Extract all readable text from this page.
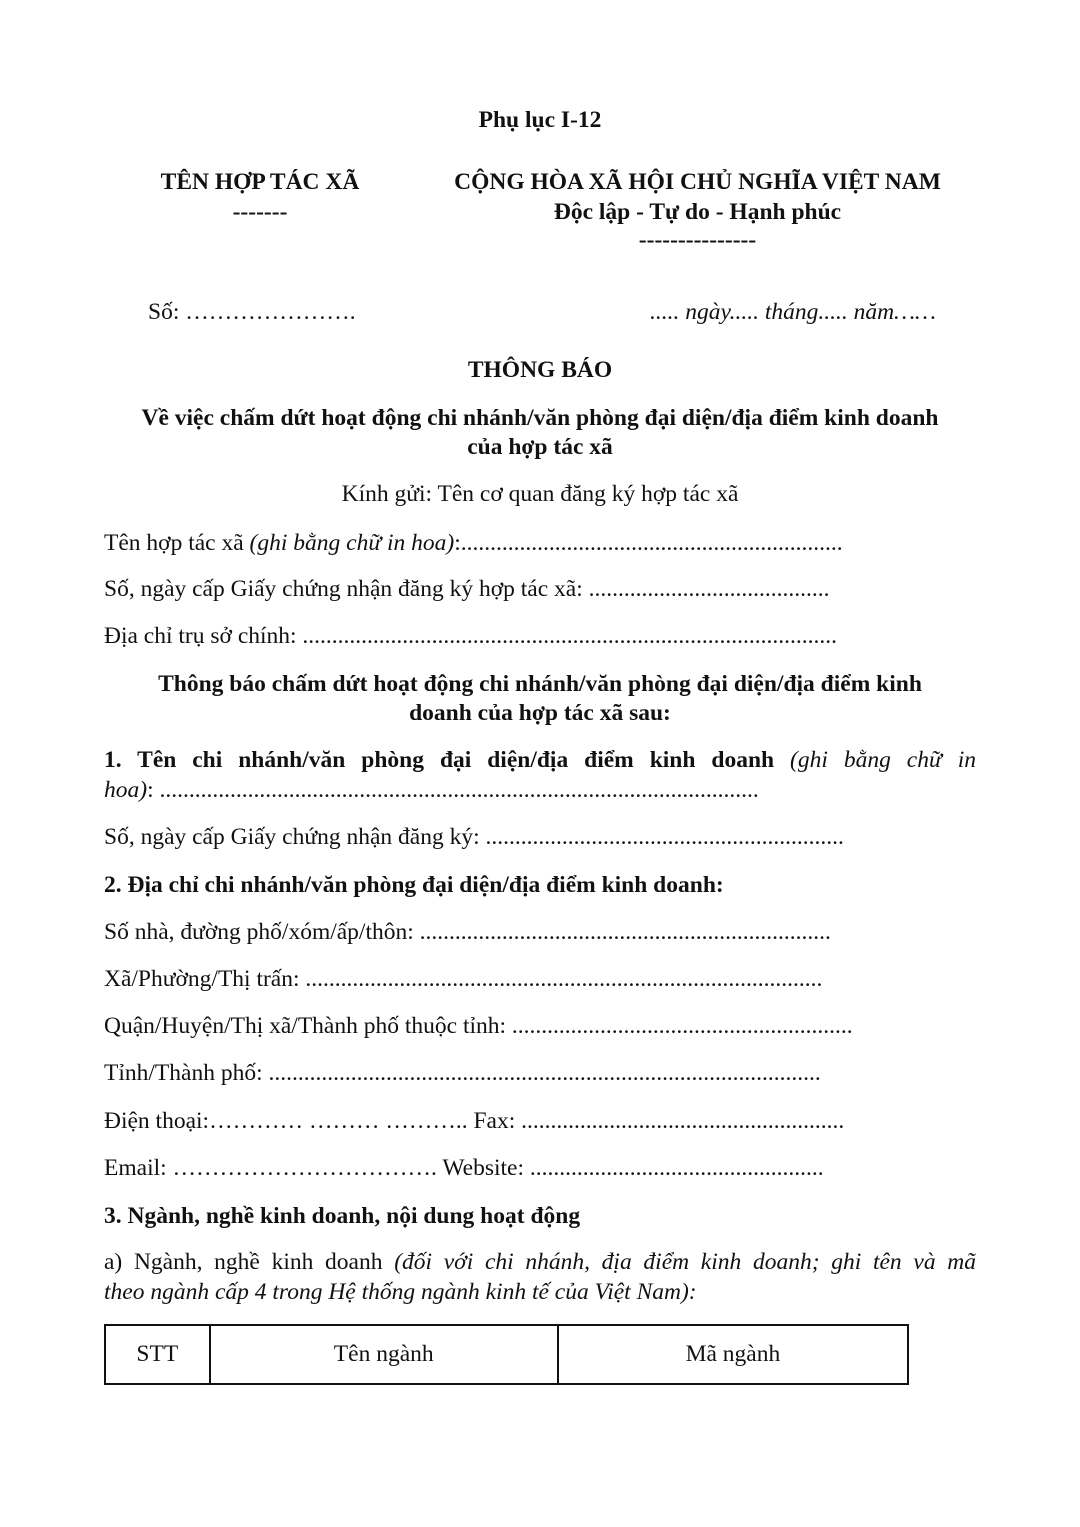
Phụ lục I-12
TÊN HỢP TÁC XÃ
-------
CỘNG HÒA XÃ HỘI CHỦ NGHĨA VIỆT NAM
Độc lập - Tự do - Hạnh phúc
---------------
Số: ………………….	..... ngày..... tháng..... năm……
THÔNG BÁO
Về việc chấm dứt hoạt động chi nhánh/văn phòng đại diện/địa điểm kinh doanh
của hợp tác xã
Kính gửi: Tên cơ quan đăng ký hợp tác xã
Tên hợp tác xã (ghi bằng chữ in hoa):.................................................................
Số, ngày cấp Giấy chứng nhận đăng ký hợp tác xã: .........................................
Địa chỉ trụ sở chính: ...........................................................................................
Thông báo chấm dứt hoạt động chi nhánh/văn phòng đại diện/địa điểm kinh
doanh của hợp tác xã sau:
1. Tên chi nhánh/văn phòng đại diện/địa điểm kinh doanh (ghi bằng chữ in
hoa): ......................................................................................................
Số, ngày cấp Giấy chứng nhận đăng ký: .............................................................
2. Địa chỉ chi nhánh/văn phòng đại diện/địa điểm kinh doanh:
Số nhà, đường phố/xóm/ấp/thôn: ......................................................................
Xã/Phường/Thị trấn: ........................................................................................
Quận/Huyện/Thị xã/Thành phố thuộc tỉnh: ..........................................................
Tỉnh/Thành phố: ..............................................................................................
Điện thoại:………… ……… ……….. Fax: .......................................................
Email: ……………………………. Website: ..................................................
3. Ngành, nghề kinh doanh, nội dung hoạt động
a) Ngành, nghề kinh doanh (đối với chi nhánh, địa điểm kinh doanh; ghi tên và mã
theo ngành cấp 4 trong Hệ thống ngành kinh tế của Việt Nam):
STT	Tên ngành	Mã ngành
